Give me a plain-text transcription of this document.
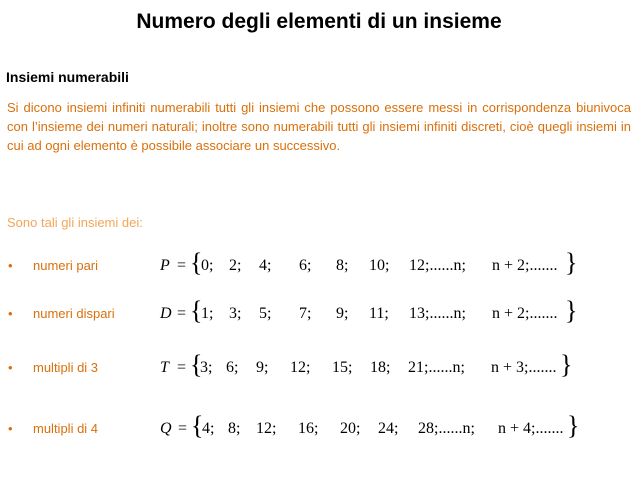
Numero degli elementi di un insieme
Insiemi numerabili
Si dicono insiemi infiniti numerabili tutti gli insiemi che possono essere messi in corrispondenza biunivoca con l’insieme dei numeri naturali; inoltre sono numerabili tutti gli insiemi infiniti discreti, cioè quegli insiemi in cui ad ogni elemento è possibile associare un successivo.
Sono tali gli insiemi dei:
• numeri pari	P = {
0; 2; 4; 6; 8; 10; 12;......n; n + 2;....... }
• numeri dispari	D = {
1; 3; 5; 7; 9; 11; 13;......n; n + 2;....... }
• multipli di 3	T = {
3; 6; 9; 12; 15; 18; 21;......n; n + 3;....... }
• multipli di 4	Q = {
4; 8; 12; 16; 20; 24; 28;......n; n + 4;....... }
